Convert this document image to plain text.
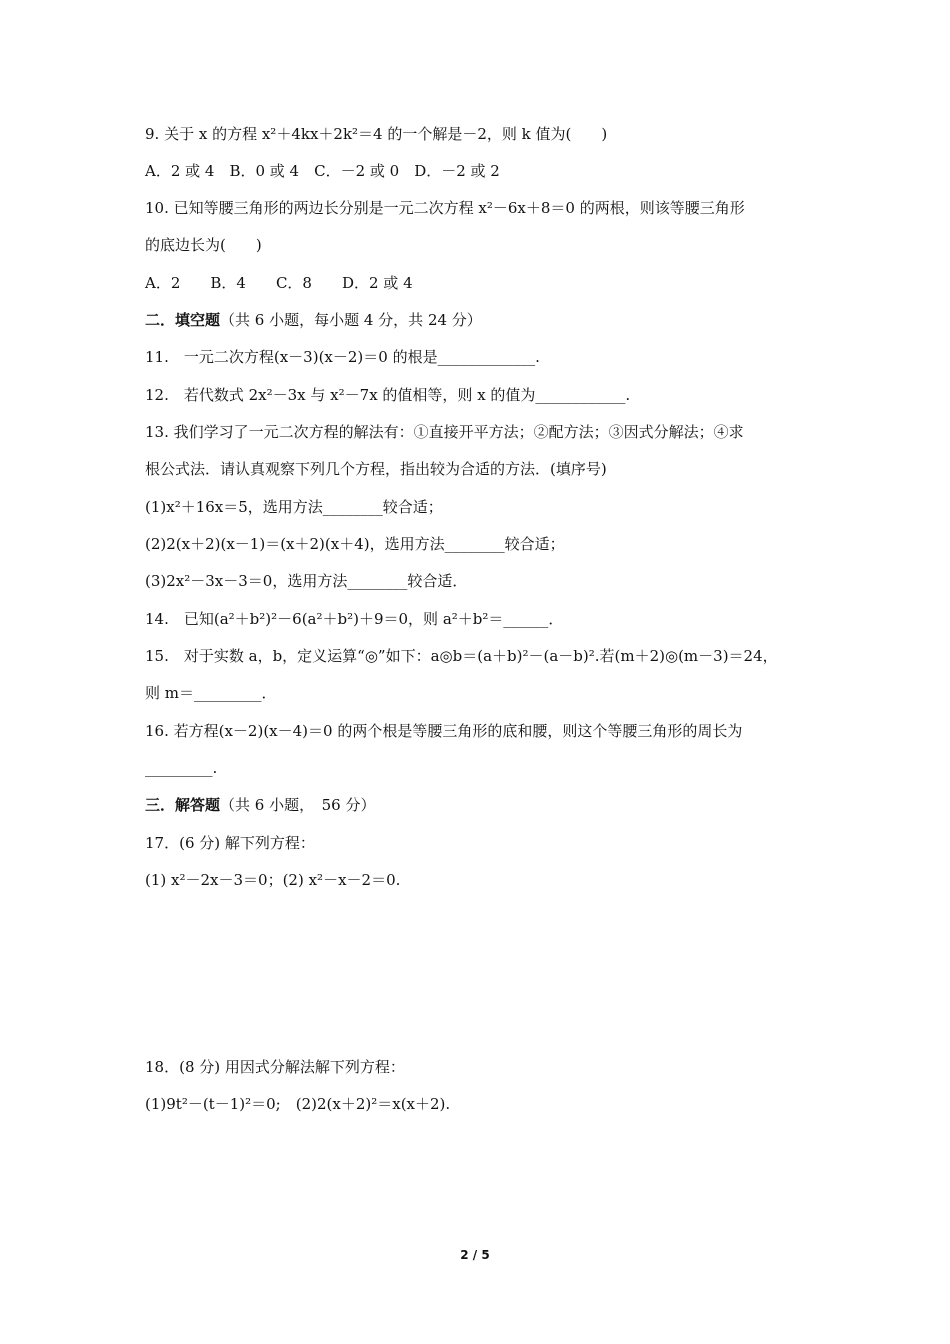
9. 关于 x 的方程 x²＋4kx＋2k²＝4 的一个解是－2，则 k 值为(　　)
A．2 或 4　B．0 或 4　C．－2 或 0　D．－2 或 2
10. 已知等腰三角形的两边长分别是一元二次方程 x²－6x＋8＝0 的两根，则该等腰三角形
的底边长为(　　)
A．2　　B．4　　C．8　　D．2 或 4
二．填空题（共 6 小题，每小题 4 分，共 24 分）
11.　一元二次方程(x－3)(x－2)＝0 的根是_____________.
12.　若代数式 2x²－3x 与 x²－7x 的值相等，则 x 的值为____________.
13. 我们学习了一元二次方程的解法有：①直接开平方法；②配方法；③因式分解法；④求
根公式法．请认真观察下列几个方程，指出较为合适的方法．(填序号)
(1)x²＋16x＝5，选用方法________较合适；
(2)2(x＋2)(x－1)＝(x＋2)(x＋4)，选用方法________较合适；
(3)2x²－3x－3＝0，选用方法________较合适．
14.　已知(a²＋b²)²－6(a²＋b²)＋9＝0，则 a²＋b²＝______．
15.　对于实数 a，b，定义运算“◎”如下：a◎b＝(a＋b)²－(a－b)².若(m＋2)◎(m－3)＝24，
则 m＝_________．
16. 若方程(x－2)(x－4)＝0 的两个根是等腰三角形的底和腰，则这个等腰三角形的周长为
_________.
三．解答题（共 6 小题，　56 分）
17．(6 分) 解下列方程：
(1) x²－2x－3＝0；(2) x²－x－2＝0.
18．(8 分) 用因式分解法解下列方程：
(1)9t²－(t－1)²＝0;　(2)2(x＋2)²＝x(x＋2).
2 / 5
